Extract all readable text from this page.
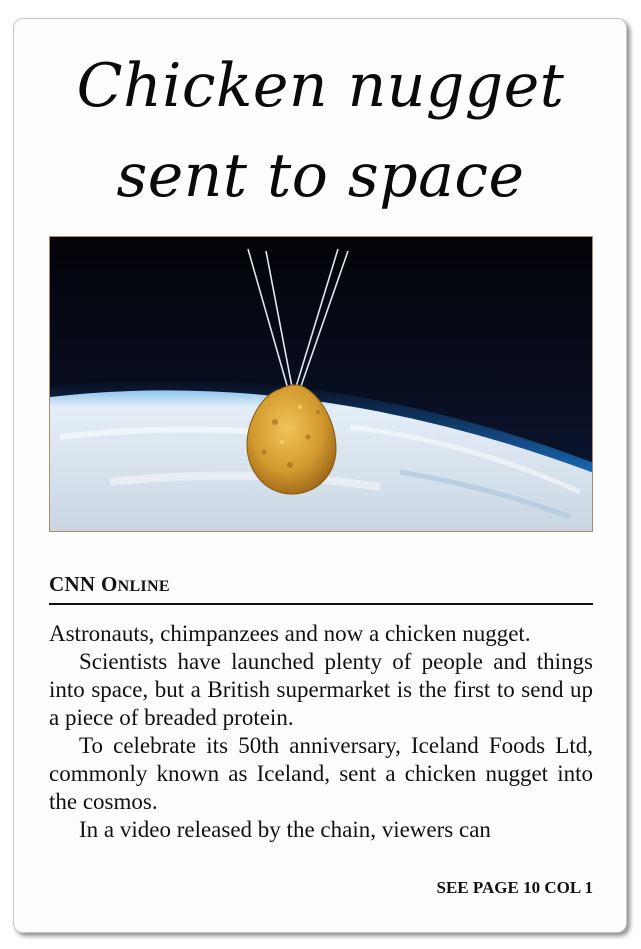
Chicken nugget
sent to space
CNN ONLINE

Astronauts, chimpanzees and now a chicken nugget.

Scientists have launched plenty of people and things into space, but a British supermarket is the first to send up a piece of breaded protein.

To celebrate its 50th anniversary, Iceland Foods Ltd, commonly known as Iceland, sent a chicken nugget into the cosmos.

In a video released by the chain, viewers can

SEE PAGE 10 COL 1
